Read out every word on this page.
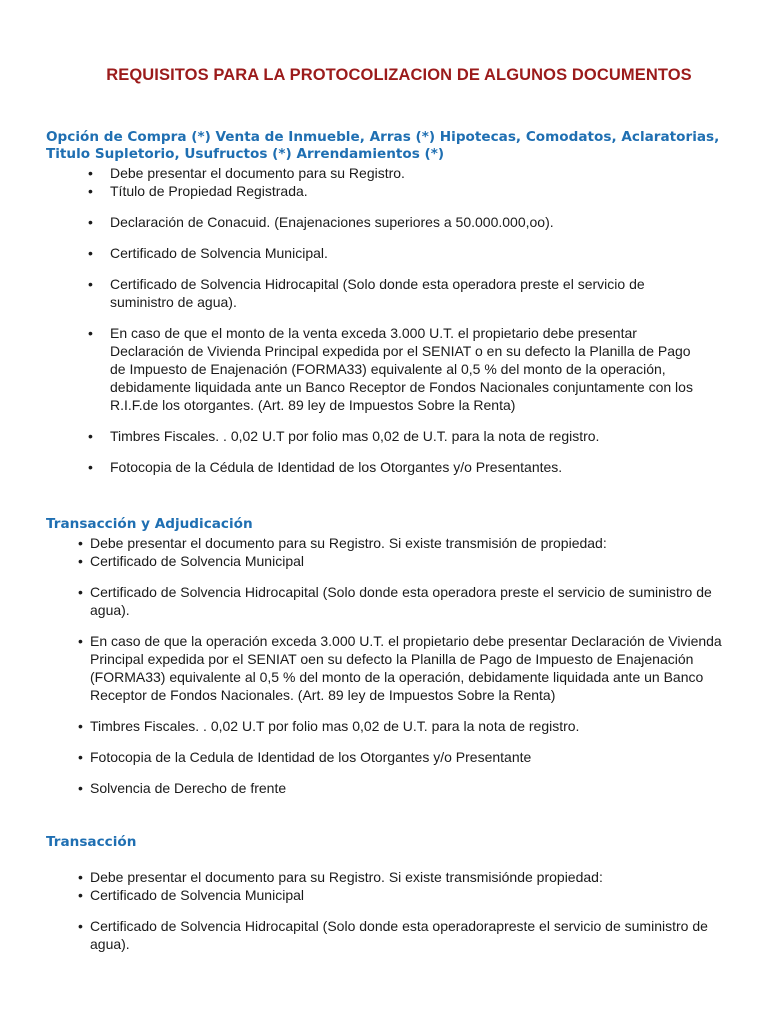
REQUISITOS PARA LA PROTOCOLIZACION DE ALGUNOS DOCUMENTOS
Opción de Compra (*) Venta de Inmueble, Arras (*) Hipotecas, Comodatos, Aclaratorias, Titulo Supletorio, Usufructos (*) Arrendamientos (*)
• Debe presentar el documento para su Registro.
• Título de Propiedad Registrada.
• Declaración de Conacuid. (Enajenaciones superiores a 50.000.000,oo).
• Certificado de Solvencia Municipal.
• Certificado de Solvencia Hidrocapital (Solo donde esta operadora preste el servicio de suministro de agua).
• En caso de que el monto de la venta exceda 3.000 U.T. el propietario debe presentar Declaración de Vivienda Principal expedida por el SENIAT o en su defecto la Planilla de Pago de Impuesto de Enajenación (FORMA33) equivalente al 0,5 % del monto de la operación, debidamente liquidada ante un Banco Receptor de Fondos Nacionales conjuntamente con los R.I.F.de los otorgantes. (Art. 89 ley de Impuestos Sobre la Renta)
• Timbres Fiscales. . 0,02 U.T por folio mas 0,02 de U.T. para la nota de registro.
• Fotocopia de la Cédula de Identidad de los Otorgantes y/o Presentantes.
Transacción y Adjudicación
• Debe presentar el documento para su Registro. Si existe transmisión de propiedad:
• Certificado de Solvencia Municipal
• Certificado de Solvencia Hidrocapital (Solo donde esta operadora preste el servicio de suministro de agua).
• En caso de que la operación exceda 3.000 U.T. el propietario debe presentar Declaración de Vivienda Principal expedida por el SENIAT oen su defecto la Planilla de Pago de Impuesto de Enajenación (FORMA33) equivalente al 0,5 % del monto de la operación, debidamente liquidada ante un Banco Receptor de Fondos Nacionales. (Art. 89 ley de Impuestos Sobre la Renta)
• Timbres Fiscales. . 0,02 U.T por folio mas 0,02 de U.T. para la nota de registro.
• Fotocopia de la Cedula de Identidad de los Otorgantes y/o Presentante
• Solvencia de Derecho de frente
Transacción
• Debe presentar el documento para su Registro. Si existe transmisiónde propiedad:
• Certificado de Solvencia Municipal
• Certificado de Solvencia Hidrocapital (Solo donde esta operadorapreste el servicio de suministro de agua).
